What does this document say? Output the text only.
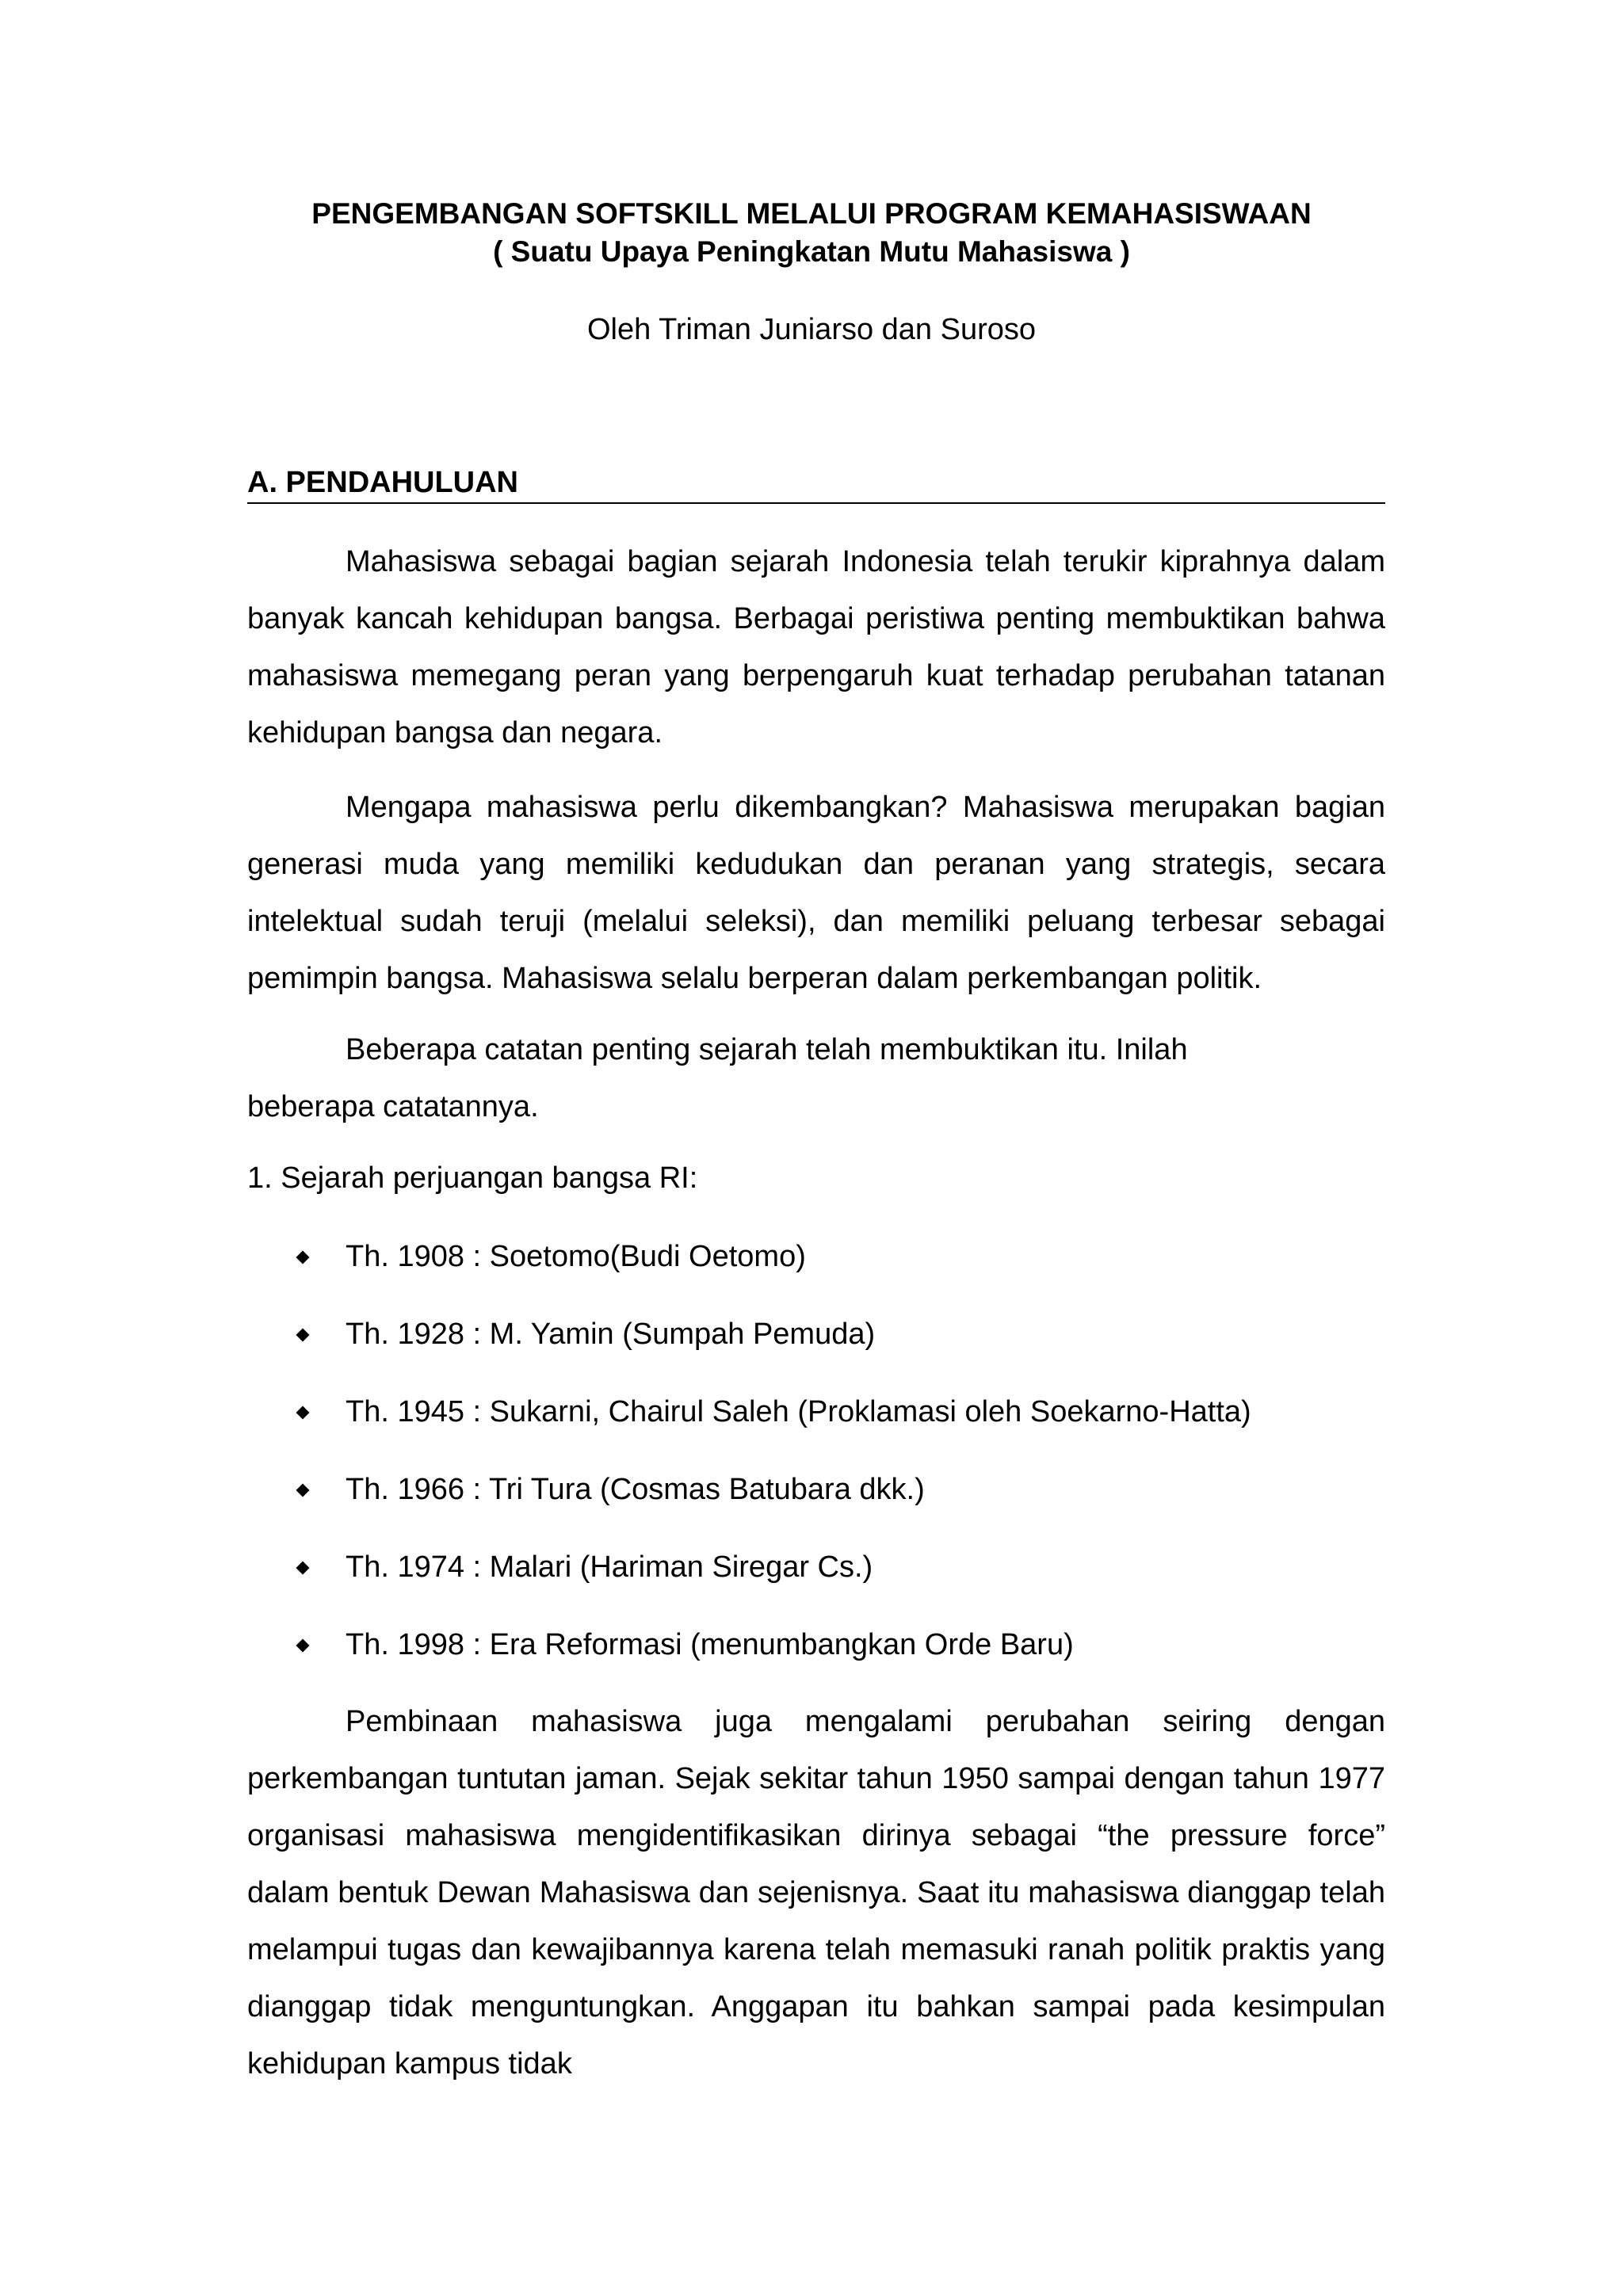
PENGEMBANGAN SOFTSKILL MELALUI PROGRAM KEMAHASISWAAN

( Suatu Upaya Peningkatan Mutu Mahasiswa )

Oleh Triman Juniarso dan Suroso

A. PENDAHULUAN

Mahasiswa sebagai bagian sejarah Indonesia telah terukir kiprahnya dalam banyak kancah kehidupan bangsa. Berbagai peristiwa penting membuktikan bahwa mahasiswa memegang peran yang berpengaruh kuat terhadap perubahan tatanan kehidupan bangsa dan negara.

Mengapa mahasiswa perlu dikembangkan? Mahasiswa merupakan bagian generasi muda yang memiliki kedudukan dan peranan yang strategis, secara intelektual sudah teruji (melalui seleksi), dan memiliki peluang terbesar sebagai pemimpin bangsa. Mahasiswa selalu berperan dalam perkembangan politik.

Beberapa catatan penting sejarah telah membuktikan itu. Inilah beberapa catatannya.

1. Sejarah perjuangan bangsa RI:

Th. 1908 : Soetomo(Budi Oetomo)
Th. 1928 : M. Yamin (Sumpah Pemuda)
Th. 1945 : Sukarni, Chairul Saleh (Proklamasi oleh Soekarno-Hatta)
Th. 1966 : Tri Tura (Cosmas Batubara dkk.)
Th. 1974 : Malari (Hariman Siregar Cs.)
Th. 1998 : Era Reformasi (menumbangkan Orde Baru)

Pembinaan mahasiswa juga mengalami perubahan seiring dengan perkembangan tuntutan jaman. Sejak sekitar tahun 1950 sampai dengan tahun 1977 organisasi mahasiswa mengidentifikasikan dirinya sebagai “the pressure force” dalam bentuk Dewan Mahasiswa dan sejenisnya. Saat itu mahasiswa dianggap telah melampui tugas dan kewajibannya karena telah memasuki ranah politik praktis yang dianggap tidak menguntungkan. Anggapan itu bahkan sampai pada kesimpulan kehidupan kampus tidak
